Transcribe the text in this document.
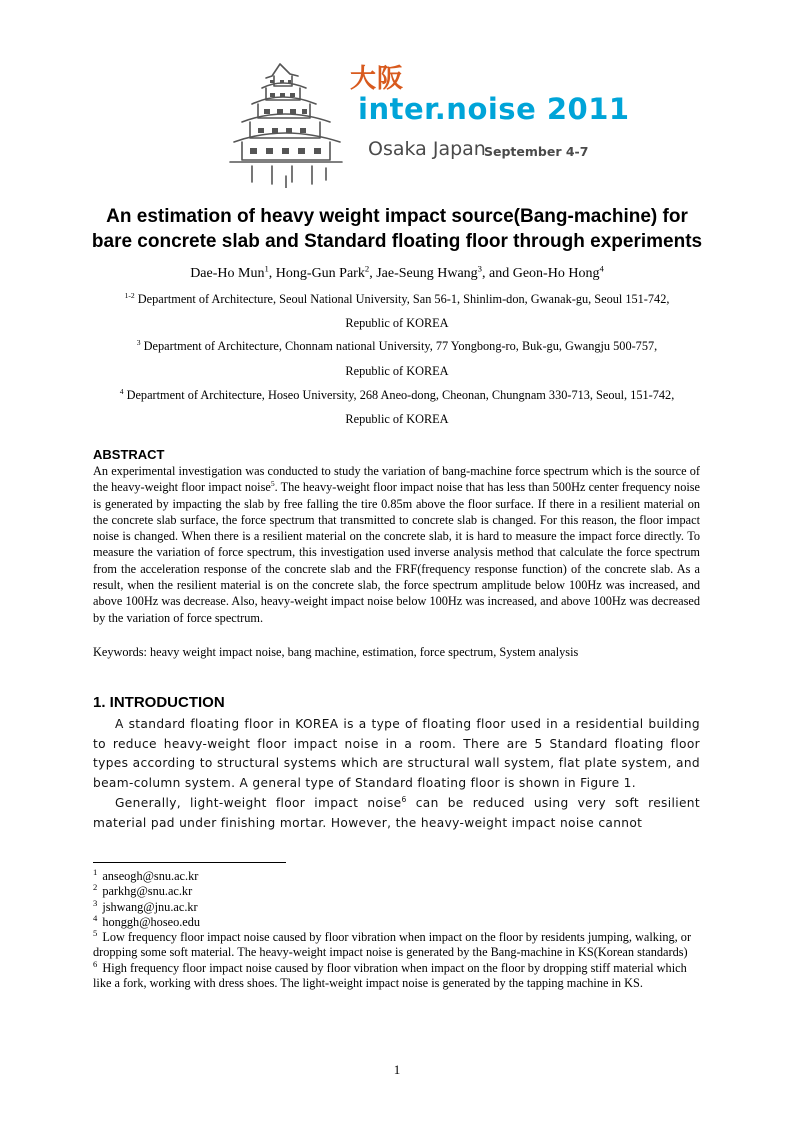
大阪
inter.noise 2011
Osaka Japan
September 4-7
An estimation of heavy weight impact source(Bang-machine) for
bare concrete slab and Standard floating floor through experiments
Dae-Ho Mun$^1$, Hong-Gun Park$^2$, Jae-Seung Hwang$^3$, and Geon-Ho Hong$^4$
$^{1-2}$ Department of Architecture, Seoul National University, San 56-1, Shinlim-don, Gwanak-gu, Seoul 151-742,
Republic of KOREA
$^3$ Department of Architecture, Chonnam national University, 77 Yongbong-ro, Buk-gu, Gwangju 500-757,
Republic of KOREA
$^4$ Department of Architecture, Hoseo University, 268 Aneo-dong, Cheonan, Chungnam 330-713, Seoul, 151-742,
Republic of KOREA
ABSTRACT
An experimental investigation was conducted to study the variation of bang-machine force spectrum which is the source of the heavy-weight floor impact noise$^5$. The heavy-weight floor impact noise that has less than 500Hz center frequency noise is generated by impacting the slab by free falling the tire 0.85m above the floor surface. If there in a resilient material on the concrete slab surface, the force spectrum that transmitted to concrete slab is changed. For this reason, the floor impact noise is changed. When there is a resilient material on the concrete slab, it is hard to measure the impact force directly. To measure the variation of force spectrum, this investigation used inverse analysis method that calculate the force spectrum from the acceleration response of the concrete slab and the FRF(frequency response function) of the concrete slab. As a result, when the resilient material is on the concrete slab, the force spectrum amplitude below 100Hz was increased, and above 100Hz was decrease. Also, heavy-weight impact noise below 100Hz was increased, and above 100Hz was decreased by the variation of force spectrum.
Keywords: heavy weight impact noise, bang machine, estimation, force spectrum, System analysis
1. INTRODUCTION

A standard floating floor in KOREA is a type of floating floor used in a residential building to reduce heavy-weight floor impact noise in a room. There are 5 Standard floating floor types according to structural systems which are structural wall system, flat plate system, and beam-column system. A general type of Standard floating floor is shown in Figure 1.

Generally, light-weight floor impact noise$^6$ can be reduced using very soft resilient material pad under finishing mortar. However, the heavy-weight impact noise cannot

$^1$ anseogh@snu.ac.kr

$^2$ parkhg@snu.ac.kr

$^3$ jshwang@jnu.ac.kr

$^4$ honggh@hoseo.edu

$^5$ Low frequency floor impact noise caused by floor vibration when impact on the floor by residents jumping, walking, or dropping some soft material. The heavy-weight impact noise is generated by the Bang-machine in KS(Korean standards)

$^6$ High frequency floor impact noise caused by floor vibration when impact on the floor by dropping stiff material which like a fork, working with dress shoes. The light-weight impact noise is generated by the tapping machine in KS.

1
